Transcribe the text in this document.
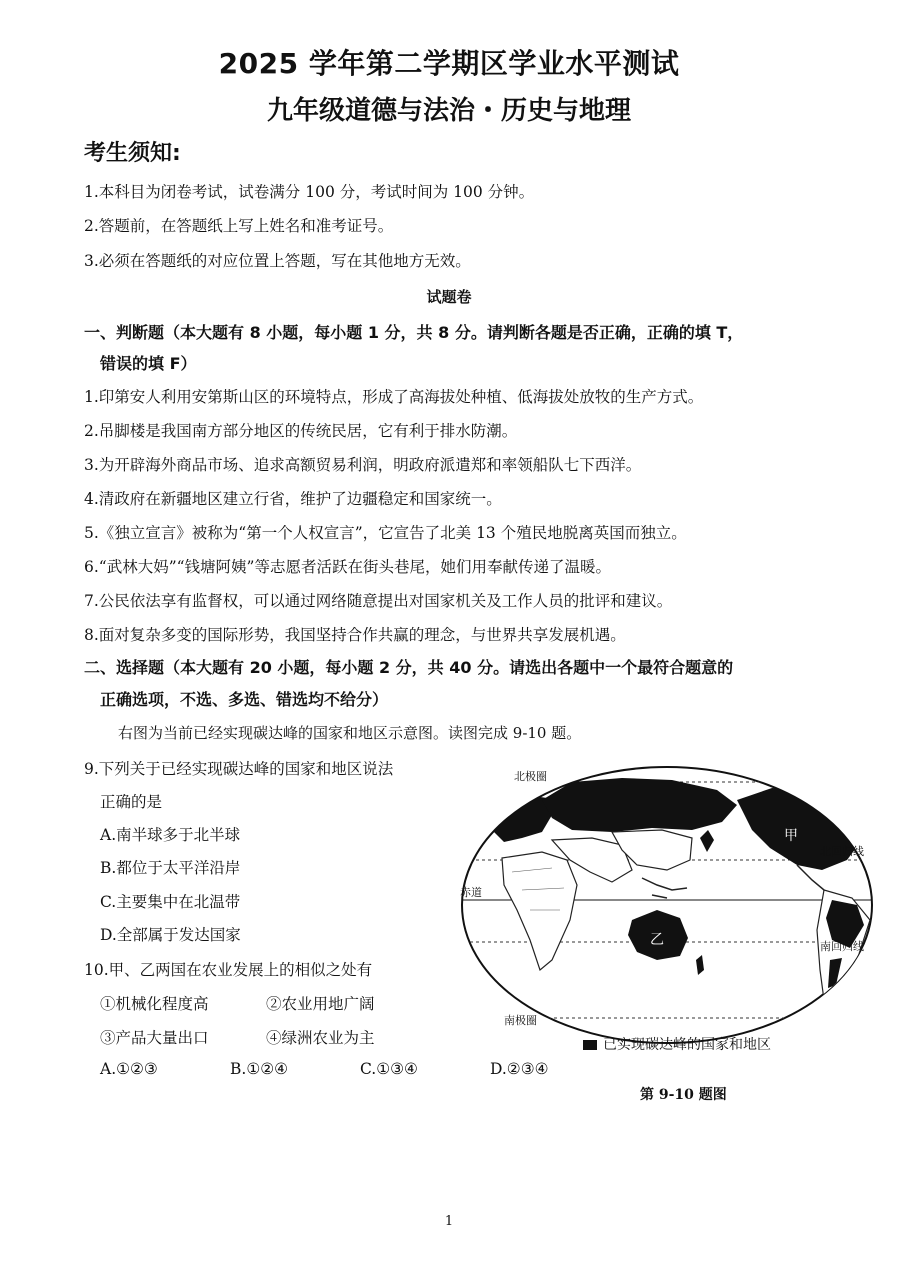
2025 学年第二学期区学业水平测试
九年级道德与法治・历史与地理
考生须知:
1.本科目为闭卷考试，试卷满分 100 分，考试时间为 100 分钟。
2.答题前，在答题纸上写上姓名和准考证号。
3.必须在答题纸的对应位置上答题，写在其他地方无效。
试题卷
一、判断题（本大题有 8 小题，每小题 1 分，共 8 分。请判断各题是否正确，正确的填 T，
错误的填 F）
1.印第安人利用安第斯山区的环境特点，形成了高海拔处种植、低海拔处放牧的生产方式。
2.吊脚楼是我国南方部分地区的传统民居，它有利于排水防潮。
3.为开辟海外商品市场、追求高额贸易利润，明政府派遣郑和率领船队七下西洋。
4.清政府在新疆地区建立行省，维护了边疆稳定和国家统一。
5.《独立宣言》被称为“第一个人权宣言”，它宣告了北美 13 个殖民地脱离英国而独立。
6.“武林大妈”“钱塘阿姨”等志愿者活跃在街头巷尾，她们用奉献传递了温暖。
7.公民依法享有监督权，可以通过网络随意提出对国家机关及工作人员的批评和建议。
8.面对复杂多变的国际形势，我国坚持合作共赢的理念，与世界共享发展机遇。
二、选择题（本大题有 20 小题，每小题 2 分，共 40 分。请选出各题中一个最符合题意的
正确选项，不选、多选、错选均不给分）
右图为当前已经实现碳达峰的国家和地区示意图。读图完成 9-10 题。
9.下列关于已经实现碳达峰的国家和地区说法
正确的是
A.南半球多于北半球
B.都位于太平洋沿岸
C.主要集中在北温带
D.全部属于发达国家
10.甲、乙两国在农业发展上的相似之处有
①机械化程度高	②农业用地广阔
③产品大量出口	④绿洲农业为主
A.①②③	B.①②④	C.①③④	D.②③④
北极圈
北回归线
赤道
南回归线
南极圈
甲
乙
已实现碳达峰的国家和地区
第 9-10 题图
1
